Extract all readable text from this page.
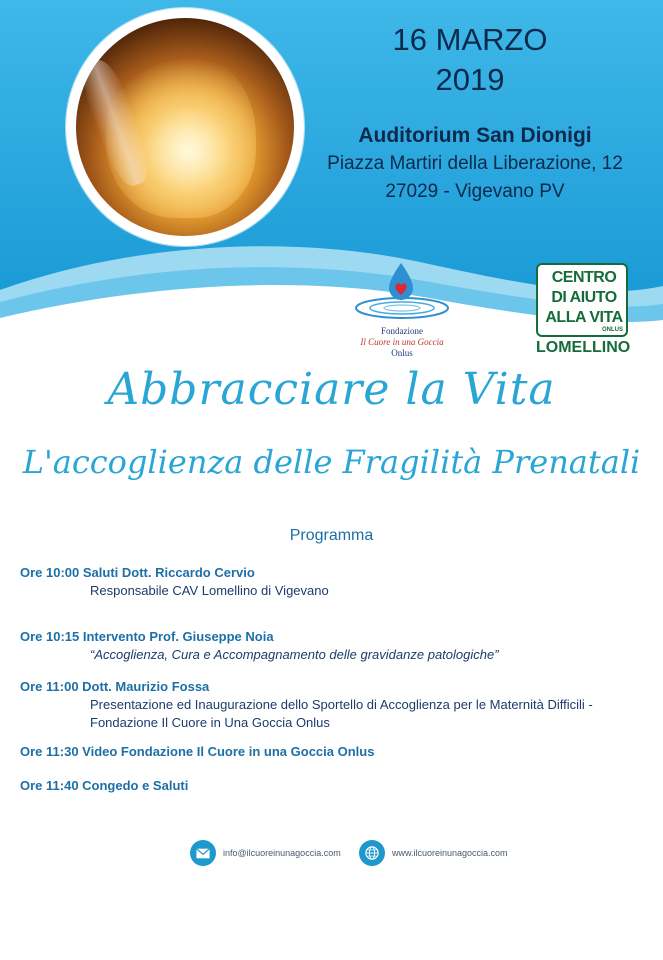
16 MARZO
2019
Auditorium San Dionigi
Piazza Martiri della Liberazione, 12
27029 - Vigevano PV
Fondazione
Il Cuore in una Goccia
Onlus
CENTRO
DI AIUTO
ALLA VITA
ONLUS
LOMELLINO
Abbracciare la Vita
L'accoglienza delle Fragilità Prenatali
Programma
Ore 10:00 Saluti Dott. Riccardo Cervio
Responsabile CAV Lomellino di Vigevano
Ore 10:15 Intervento Prof. Giuseppe Noia
“Accoglienza, Cura e Accompagnamento delle gravidanze patologiche”
Ore 11:00 Dott. Maurizio Fossa
Presentazione ed Inaugurazione dello Sportello di Accoglienza per le Maternità Difficili - Fondazione Il Cuore in Una Goccia Onlus
Ore 11:30 Video Fondazione Il Cuore in una Goccia Onlus
Ore 11:40 Congedo e Saluti
info@ilcuoreinunagoccia.com	www.ilcuoreinunagoccia.com
